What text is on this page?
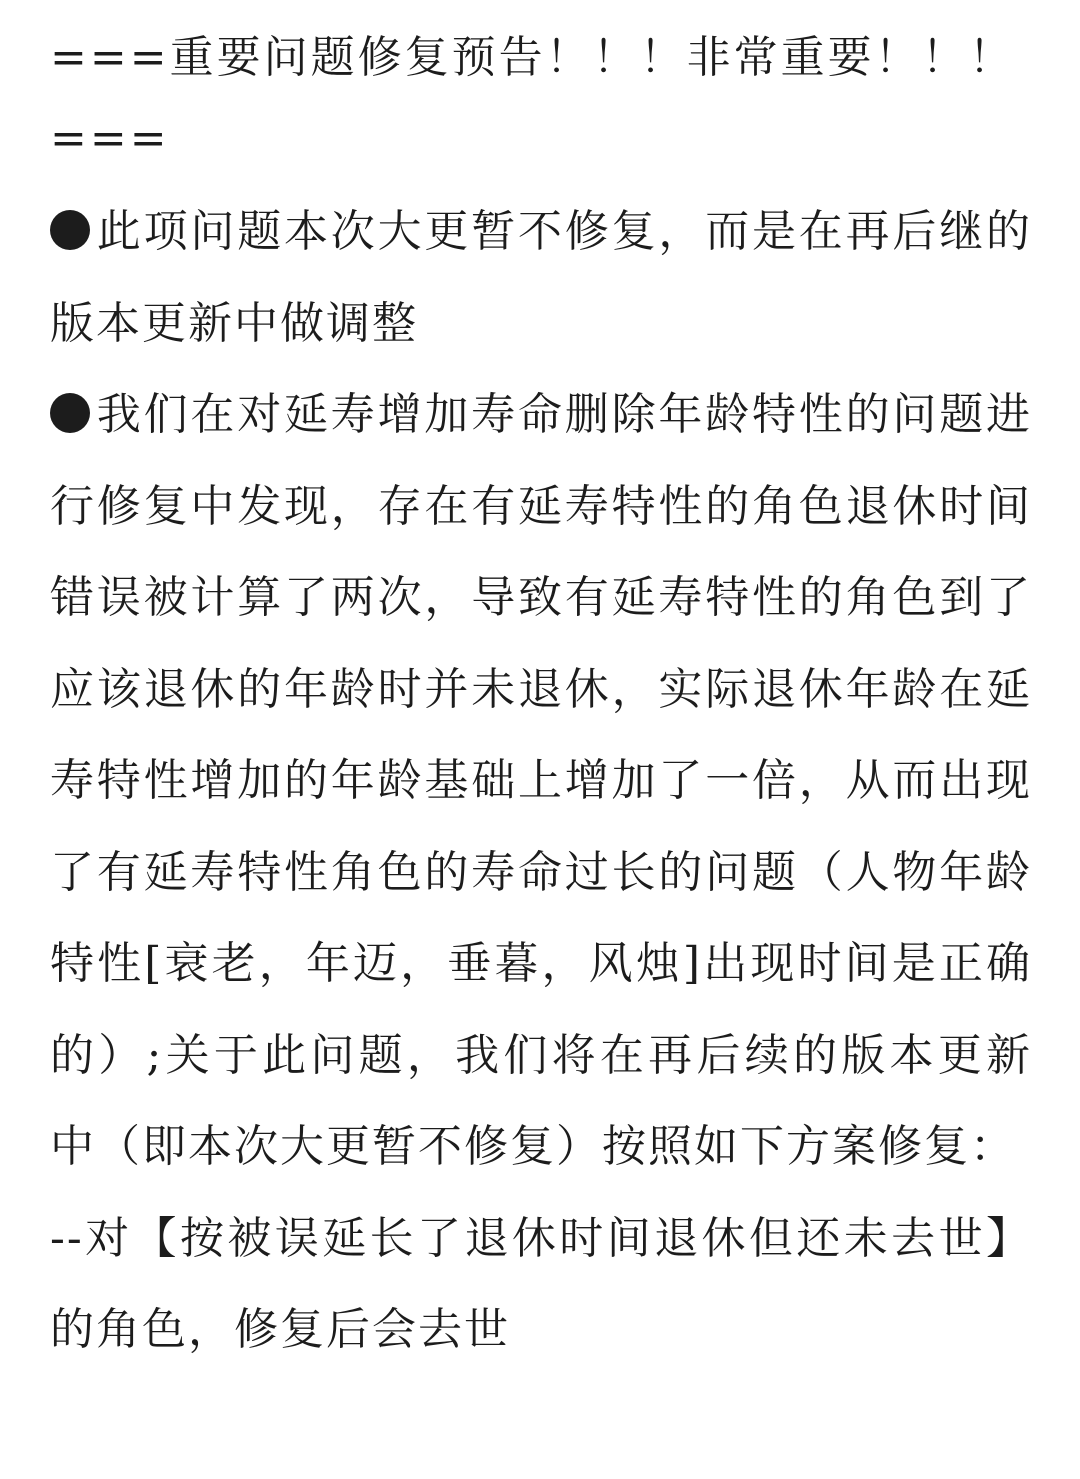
===重要问题修复预告！！！非常重要！！！

===

此项问题本次大更暂不修复，而是在再后继的版本更新中做调整

我们在对延寿增加寿命删除年龄特性的问题进行修复中发现，存在有延寿特性的角色退休时间错误被计算了两次，导致有延寿特性的角色到了应该退休的年龄时并未退休，实际退休年龄在延寿特性增加的年龄基础上增加了一倍，从而出现了有延寿特性角色的寿命过长的问题（人物年龄特性[衰老，年迈，垂暮，风烛]出现时间是正确的）;关于此问题，我们将在再后续的版本更新中（即本次大更暂不修复）按照如下方案修复：

--对【按被误延长了退休时间退休但还未去世】的角色，修复后会去世
